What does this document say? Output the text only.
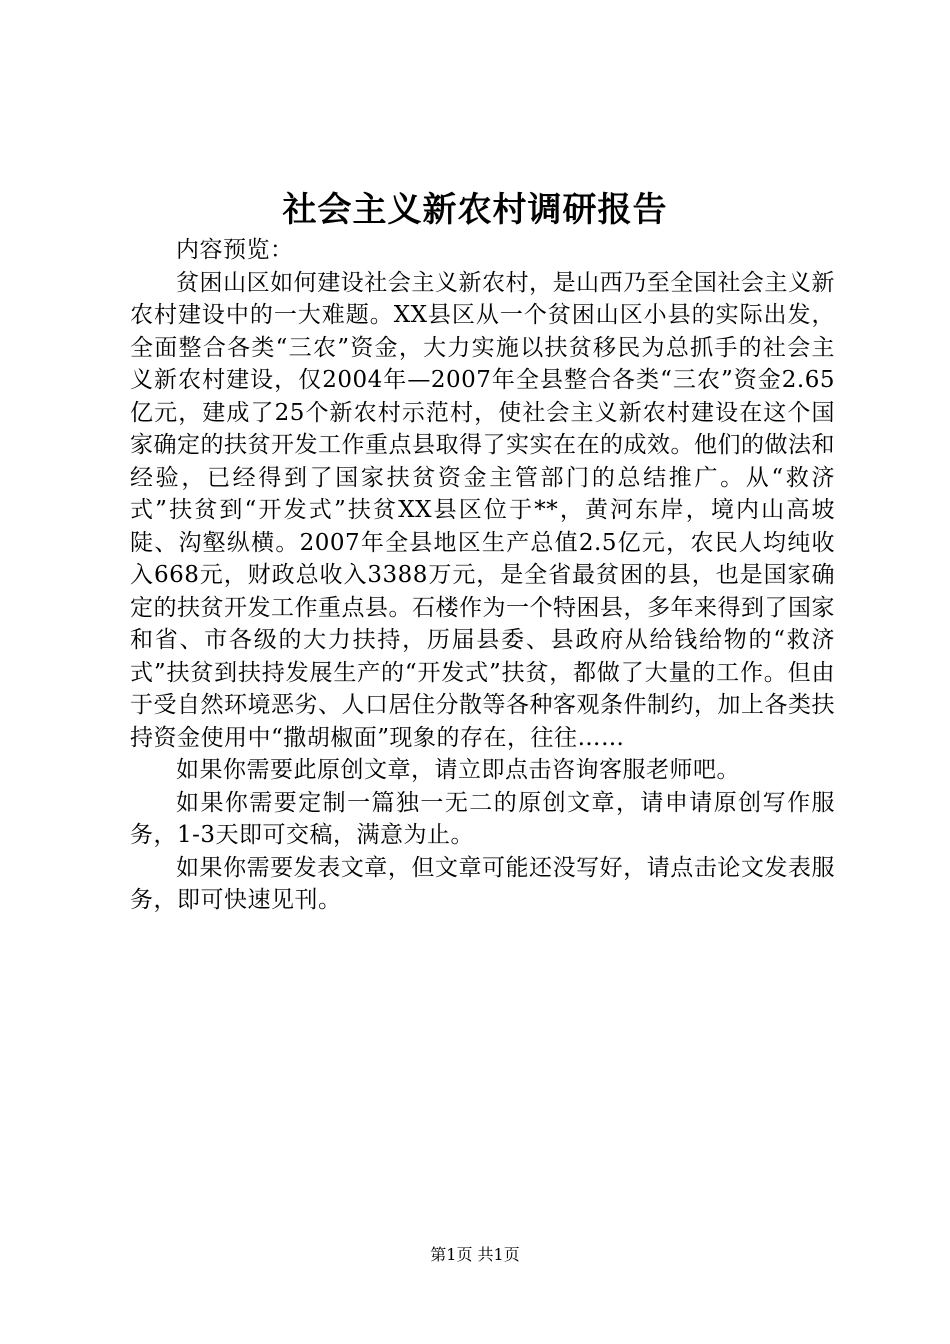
社会主义新农村调研报告

内容预览：

贫困山区如何建设社会主义新农村，是山西乃至全国社会主义新农村建设中的一大难题。XX县区从一个贫困山区小县的实际出发，全面整合各类“三农”资金，大力实施以扶贫移民为总抓手的社会主义新农村建设，仅2004年—2007年全县整合各类“三农”资金2.65亿元，建成了25个新农村示范村，使社会主义新农村建设在这个国家确定的扶贫开发工作重点县取得了实实在在的成效。他们的做法和经验，已经得到了国家扶贫资金主管部门的总结推广。从“救济式”扶贫到“开发式”扶贫XX县区位于**，黄河东岸，境内山高坡陡、沟壑纵横。2007年全县地区生产总值2.5亿元，农民人均纯收入668元，财政总收入3388万元，是全省最贫困的县，也是国家确定的扶贫开发工作重点县。石楼作为一个特困县，多年来得到了国家和省、市各级的大力扶持，历届县委、县政府从给钱给物的“救济式”扶贫到扶持发展生产的“开发式”扶贫，都做了大量的工作。但由于受自然环境恶劣、人口居住分散等各种客观条件制约，加上各类扶持资金使用中“撒胡椒面”现象的存在，往往……

如果你需要此原创文章，请立即点击咨询客服老师吧。

如果你需要定制一篇独一无二的原创文章，请申请原创写作服务，1-3天即可交稿，满意为止。

如果你需要发表文章，但文章可能还没写好，请点击论文发表服务，即可快速见刊。

第1页 共1页
